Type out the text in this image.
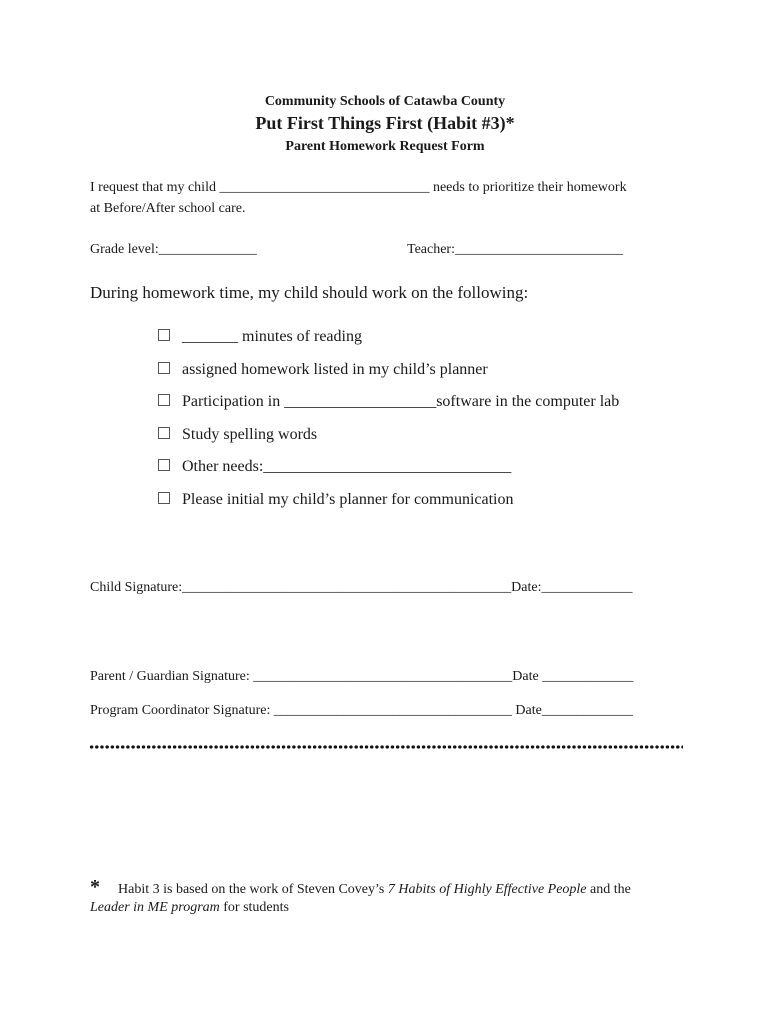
Community Schools of Catawba County
Put First Things First (Habit #3)*
Parent Homework Request Form
I request that my child ______________________________ needs to prioritize their homework
at Before/After school care.
Grade level:______________	Teacher:________________________
During homework time, my child should work on the following:
_______ minutes of reading
assigned homework listed in my child’s planner
Participation in ___________________software in the computer lab
Study spelling words
Other needs:_______________________________
Please initial my child’s planner for communication
Child Signature:_______________________________________________Date:_____________
Parent / Guardian Signature: _____________________________________Date _____________
Program Coordinator Signature: __________________________________ Date_____________
* Habit 3 is based on the work of Steven Covey’s 7 Habits of Highly Effective People and the
Leader in ME program for students
